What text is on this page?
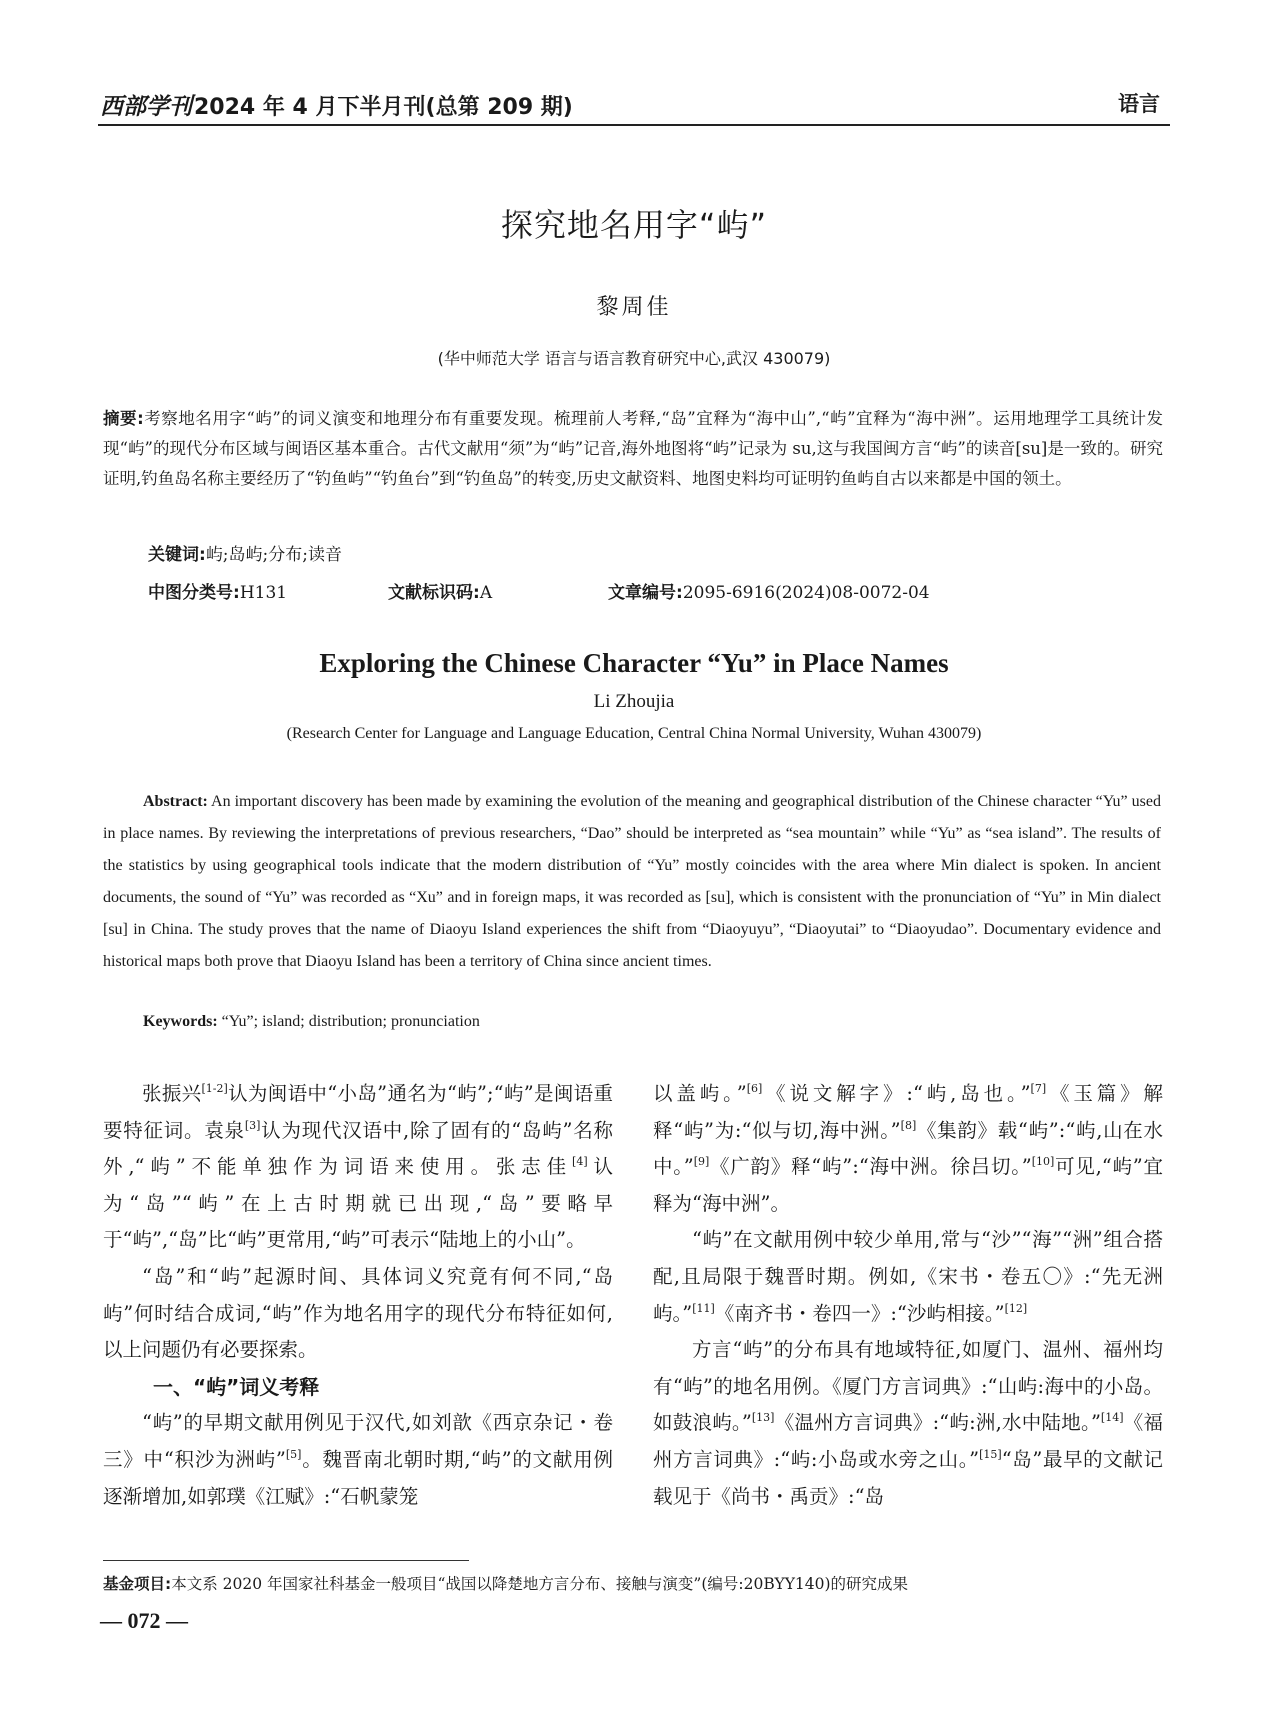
西部学刊2024 年 4 月下半月刊(总第 209 期)	语言
探究地名用字“屿”
黎周佳
(华中师范大学 语言与语言教育研究中心,武汉 430079)
摘要:考察地名用字“屿”的词义演变和地理分布有重要发现。梳理前人考释,“岛”宜释为“海中山”,“屿”宜释为“海中洲”。运用地理学工具统计发现“屿”的现代分布区域与闽语区基本重合。古代文献用“须”为“屿”记音,海外地图将“屿”记录为 su,这与我国闽方言“屿”的读音[su]是一致的。研究证明,钓鱼岛名称主要经历了“钓鱼屿”“钓鱼台”到“钓鱼岛”的转变,历史文献资料、地图史料均可证明钓鱼屿自古以来都是中国的领土。
关键词:屿;岛屿;分布;读音
中图分类号:H131	文献标识码:A	文章编号:2095-6916(2024)08-0072-04
Exploring the Chinese Character “Yu” in Place Names
Li Zhoujia
(Research Center for Language and Language Education, Central China Normal University, Wuhan 430079)
Abstract: An important discovery has been made by examining the evolution of the meaning and geographical distribution of the Chinese character “Yu” used in place names. By reviewing the interpretations of previous researchers, “Dao” should be interpreted as “sea mountain” while “Yu” as “sea island”. The results of the statistics by using geographical tools indicate that the modern distribution of “Yu” mostly coincides with the area where Min dialect is spoken. In ancient documents, the sound of “Yu” was recorded as “Xu” and in foreign maps, it was recorded as [su], which is consistent with the pronunciation of “Yu” in Min dialect [su] in China. The study proves that the name of Diaoyu Island experiences the shift from “Diaoyuyu”, “Diaoyutai” to “Diaoyudao”. Documentary evidence and historical maps both prove that Diaoyu Island has been a territory of China since ancient times.
Keywords: “Yu”; island; distribution; pronunciation

张振兴[1-2]认为闽语中“小岛”通名为“屿”;“屿”是闽语重要特征词。袁泉[3]认为现代汉语中,除了固有的“岛屿”名称外,“屿”不能单独作为词语来使用。张志佳[4]认为“岛”“屿”在上古时期就已出现,“岛”要略早于“屿”,“岛”比“屿”更常用,“屿”可表示“陆地上的小山”。

“岛”和“屿”起源时间、具体词义究竟有何不同,“岛屿”何时结合成词,“屿”作为地名用字的现代分布特征如何,以上问题仍有必要探索。

一、“屿”词义考释

“屿”的早期文献用例见于汉代,如刘歆《西京杂记・卷三》中“积沙为洲屿”[5]。魏晋南北朝时期,“屿”的文献用例逐渐增加,如郭璞《江赋》:“石帆蒙笼

以盖屿。”[6]《说文解字》:“屿,岛也。”[7]《玉篇》解释“屿”为:“似与切,海中洲。”[8]《集韵》载“屿”:“屿,山在水中。”[9]《广韵》释“屿”:“海中洲。徐吕切。”[10]可见,“屿”宜释为“海中洲”。

“屿”在文献用例中较少单用,常与“沙”“海”“洲”组合搭配,且局限于魏晋时期。例如,《宋书・卷五〇》:“先无洲屿。”[11]《南齐书・卷四一》:“沙屿相接。”[12]

方言“屿”的分布具有地域特征,如厦门、温州、福州均有“屿”的地名用例。《厦门方言词典》:“山屿:海中的小岛。如鼓浪屿。”[13]《温州方言词典》:“屿:洲,水中陆地。”[14]《福州方言词典》:“屿:小岛或水旁之山。”[15]“岛”最早的文献记载见于《尚书・禹贡》:“岛

基金项目:本文系 2020 年国家社科基金一般项目“战国以降楚地方言分布、接触与演变”(编号:20BYY140)的研究成果
— 072 —
